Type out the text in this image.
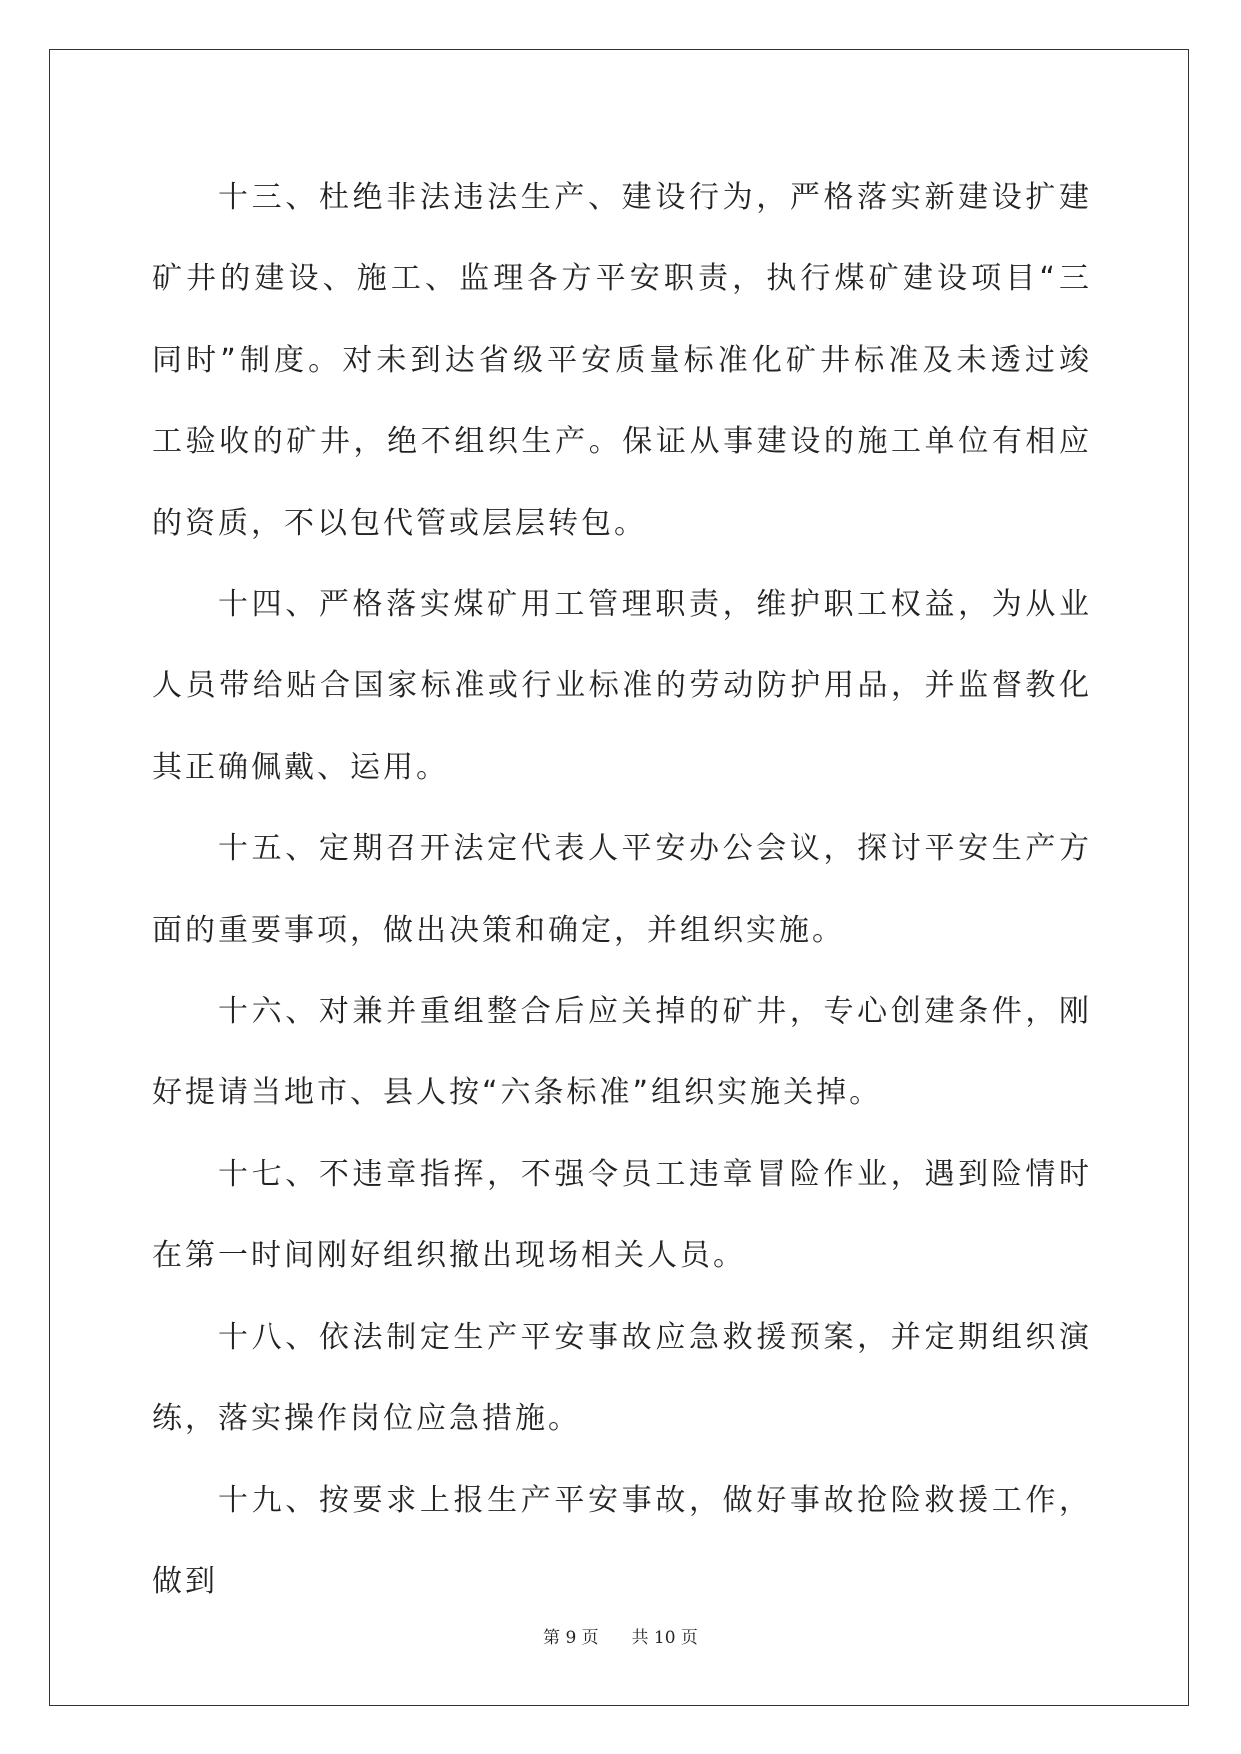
十三、杜绝非法违法生产、建设行为，严格落实新建设扩建矿井的建设、施工、监理各方平安职责，执行煤矿建设项目“三同时”制度。对未到达省级平安质量标准化矿井标准及未透过竣工验收的矿井，绝不组织生产。保证从事建设的施工单位有相应的资质，不以包代管或层层转包。

十四、严格落实煤矿用工管理职责，维护职工权益，为从业人员带给贴合国家标准或行业标准的劳动防护用品，并监督教化其正确佩戴、运用。

十五、定期召开法定代表人平安办公会议，探讨平安生产方面的重要事项，做出决策和确定，并组织实施。

十六、对兼并重组整合后应关掉的矿井，专心创建条件，刚好提请当地市、县人按“六条标准”组织实施关掉。

十七、不违章指挥，不强令员工违章冒险作业，遇到险情时在第一时间刚好组织撤出现场相关人员。

十八、依法制定生产平安事故应急救援预案，并定期组织演练，落实操作岗位应急措施。

十九、按要求上报生产平安事故，做好事故抢险救援工作，做到

第 9 页 共 10 页
